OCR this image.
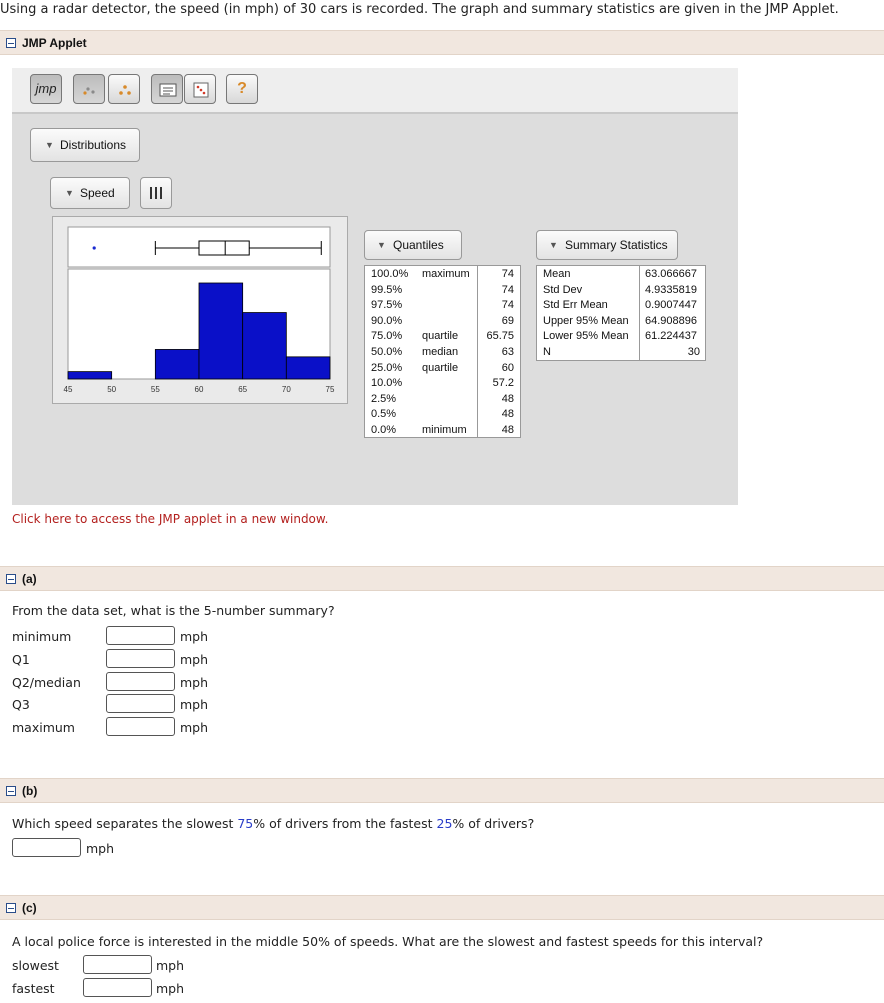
Using a radar detector, the speed (in mph) of 30 cars is recorded. The graph and summary statistics are given in the JMP Applet.
JMP Applet
jmp	?
▼ Distributions
▼ Speed
45	50	55	60	65	70	75
▼ Quantiles
100.0% maximum	74
99.5%	74
97.5%	74
90.0%	69
75.0% quartile	65.75
50.0% median	63
25.0% quartile	60
10.0%	57.2
2.5%	48
0.5%	48
0.0% minimum	48
▼ Summary Statistics
Mean	63.066667
Std Dev	4.9335819
Std Err Mean	0.9007447
Upper 95% Mean 64.908896
Lower 95% Mean 61.224437
N	30
Click here to access the JMP applet in a new window.
(a)
From the data set, what is the 5-number summary?
minimum	mph
Q1	mph
Q2/median	mph
Q3	mph
maximum	mph
(b)
Which speed separates the slowest 75% of drivers from the fastest 25% of drivers?
mph
(c)
A local police force is interested in the middle 50% of speeds. What are the slowest and fastest speeds for this interval?
slowest	mph
fastest	mph
